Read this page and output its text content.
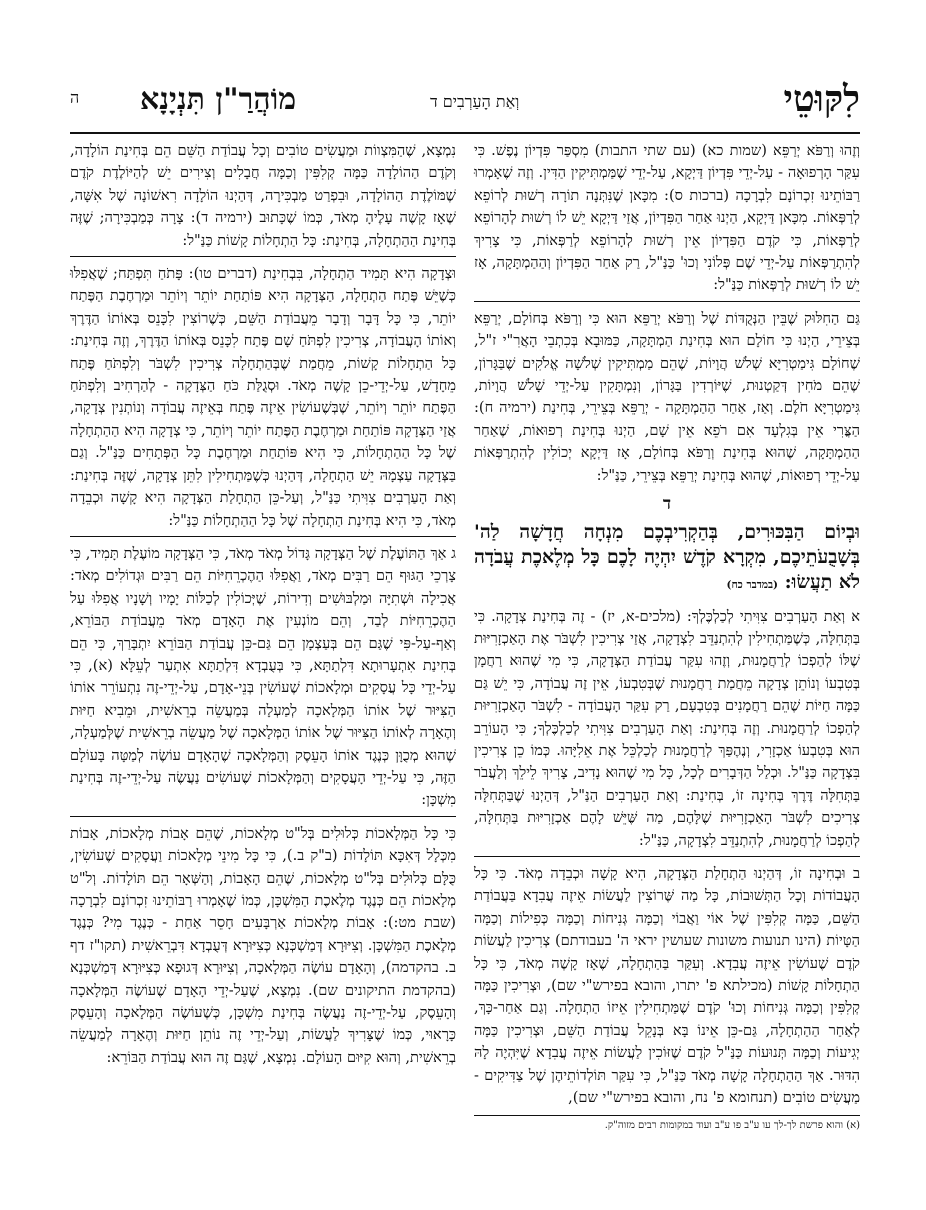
לִקּוּטֵי
וְאַת הָעַרְבִים ד
מוֹהֲרַ"ן תִּנְיָנָא
ה

וְזֶהוּ וְרַפֹּא יְרַפֵּא (שמות כא) (עם שתי התבות) מִסְפַּר פִּדְיוֹן נֶפֶשׁ. כִּי עִקַּר הָרְפוּאָה - עַל-יְדֵי פִּדְיוֹן דַּיְקָא, עַל-יְדֵי שֶׁמַּמְתִּיקִין הַדִּין. וְזֶה שֶׁאָמְרוּ רַבּוֹתֵינוּ זִכְרוֹנָם לִבְרָכָה (ברכות ס): מִכָּאן שֶׁנִּתְּנָה תוֹרָה רְשׁוּת לְרוֹפֵא לְרַפְּאוֹת. מִכָּאן דַּיְקָא, הַיְנוּ אַחַר הַפִּדְיוֹן, אֲזַי דַּיְקָא יֵשׁ לוֹ רְשׁוּת לְהָרוֹפֵא לְרַפְּאוֹת, כִּי קֹדֶם הַפִּדְיוֹן אֵין רְשׁוּת לְהָרוֹפֵא לְרַפְּאוֹת, כִּי צָרִיךְ לְהִתְרַפְּאוֹת עַל-יְדֵי שֶׁם פְּלוֹנִי וְכוּ' כַּנַּ"ל, רַק אַחַר הַפִּדְיוֹן וְהַהַמְתָּקָה, אָז יֵשׁ לוֹ רְשׁוּת לְרַפְּאוֹת כַּנַּ"ל:

גַּם הַחִלּוּק שֶׁבֵּין הַנְּקֻדּוֹת שֶׁל וְרַפֹּא יְרַפֵּא הוּא כִּי וְרַפֹּא בְּחוֹלָם, יְרַפֵּא בְּצֵירֵי, הַיְנוּ כִּי חוֹלָם הוּא בְּחִינַת הַמְתָּקָה, כַּמּוּבָא בְּכִתְבֵי הָאֲרִ"י ז"ל, שֶׁחוֹלָם גִּימַטְרִיָּא שְׁלֹשׁ הֲוָיוֹת, שֶׁהֵם מַמְתִּיקִין שְׁלֹשָׁה אֱלֹקִים שֶׁבַּגָּרוֹן, שֶׁהֵם מֹחִין דְּקַטְנוּת, שֶׁיּוֹרְדִין בַּגָּרוֹן, וְנִמְתָּקִין עַל-יְדֵי שָׁלֹשׁ הֲוָיוֹת, גִּימַטְרִיָּא חֹלֶם. וְאַז, אַחַר הַהַמְתָּקָה - יְרַפֵּא בְּצֵירֵי, בְּחִינַת (ירמיה ח): הַצֳּרִי אֵין בְּגִלְעָד אִם רֹפֵא אֵין שָׁם, הַיְנוּ בְּחִינַת רְפוּאוֹת, שֶׁאַחַר הַהַמְתָּקָה, שֶׁהוּא בְּחִינַת וְרַפֹּא בְּחוֹלָם, אָז דַּיְקָא יְכוֹלִין לְהִתְרַפְּאוֹת עַל-יְדֵי רְפוּאוֹת, שֶׁהוּא בְּחִינַת יְרַפֵּא בְּצֵירֵי, כַּנַּ"ל:

ד
וּבְיוֹם הַבִּכּוּרִים, בְּהַקְרִיבְכֶם מִנְחָה חֲדָשָׁה לַה' בְּשָׁבֻעֹתֵיכֶם, מִקְרָא קֹדֶשׁ יִהְיֶה לָכֶם כָּל מְלֶאכֶת עֲבֹדָה לֹא תַעֲשׂוּ: (במדבר כח)

א וְאַת הָעַרְבִים צִוִּיתִי לְכַלְכֶּלְךָ: (מלכים-א, יז) - זֶה בְּחִינַת צְדָקָה. כִּי בַּתְּחִלָּה, כְּשֶׁמַּתְחִילִין לְהִתְנַדֵּב לִצְדָקָה, אֲזַי צְרִיכִין לִשְׁבֹּר אֶת הָאַכְזָרִיּוּת שֶׁלּוֹ לְהַפְכוֹ לְרַחֲמָנוּת, וְזֶהוּ עִקַּר עֲבוֹדַת הַצְּדָקָה, כִּי מִי שֶׁהוּא רַחֲמָן בְּטִבְעוֹ וְנוֹתֵן צְדָקָה מֵחֲמַת רַחֲמָנוּת שֶׁבְּטִבְעוֹ, אֵין זֶה עֲבוֹדָה, כִּי יֵשׁ גַּם כַּמָּה חַיּוֹת שֶׁהֵם רַחֲמָנִים בְּטִבְעָם, רַק עִקַּר הָעֲבוֹדָה - לִשְׁבֹּר הָאַכְזָרִיּוּת לְהַפְכוֹ לְרַחֲמָנוּת. וְזֶה בְּחִינַת: וְאַת הָעַרְבִים צִוִּיתִי לְכַלְכֶּלְךָ; כִּי הָעוֹרֵב הוּא בְּטִבְעוֹ אַכְזָרִי, וְנֶהֶפַּךְ לְרַחֲמָנוּת לְכַלְכֵּל אֶת אֵלִיָּהוּ. כְּמוֹ כֵן צְרִיכִין בִּצְדָקָה כַּנַּ"ל. וּכְלַל הַדְּבָרִים לְכָל, כָּל מִי שֶׁהוּא נָדִיב, צָרִיךְ לֵילֵךְ וְלַעֲבֹר בַּתְּחִלָּה דֶּרֶךְ בְּחִינָה זוֹ, בְּחִינַת: וְאַת הָעַרְבִים הַנַּ"ל, דְּהַיְנוּ שֶׁבַּתְּחִלָּה צְרִיכִים לִשְׁבֹּר הָאַכְזָרִיּוּת שֶׁלָּהֶם, מַה שֶּׁיֵּשׁ לָהֶם אַכְזָרִיּוּת בַּתְּחִלָּה, לְהַפְכוֹ לְרַחֲמָנוּת, לְהִתְנַדֵּב לִצְדָקָה, כַּנַּ"ל:

ב וּבְחִינָה זוֹ, דְּהַיְנוּ הַתְחָלַת הַצְּדָקָה, הִיא קָשָׁה וּכְבֵדָה מְאֹד. כִּי כָּל הָעֲבוֹדוֹת וְכָל הַתְּשׁוּבוֹת, כָּל מַה שֶּׁרוֹצִין לַעֲשׂוֹת אֵיזֶה עֲבִדָא בַּעֲבוֹדַת הַשֵּׁם, כַּמָּה קְלִפִּין שֶׁל אוֹי וַאֲבוֹי וְכַמָּה גְּנִיחוֹת וְכַמָּה כְּפִילוֹת וְכַמָּה הַטָּיוֹת (הינו תנועות משונות שעושין יראי ה' בעבודתם) צְרִיכִין לַעֲשׂוֹת קֹדֶם שֶׁעוֹשִׂין אֵיזֶה עֲבִדָא. וְעִקַּר בַּהַתְחָלָה, שֶׁאָז קָשֶׁה מְאֹד, כִּי כָּל הַתְחָלוֹת קָשׁוֹת (מכילתא פ' יתרו, והובא בפירש"י שם), וּצְרִיכִין כַּמָּה קְלִפִּין וְכַמָּה גְּנִיחוֹת וְכוּ' קֹדֶם שֶׁמַּתְחִילִין אֵיזוֹ הַתְחָלָה. וְגַם אַחַר-כָּךְ, לְאַחַר הַהַתְחָלָה, גַּם-כֵּן אֵינוֹ בָּא בְּנָקֵל עֲבוֹדַת הַשֵּׁם, וּצְרִיכִין כַּמָּה יְגִיעוֹת וְכַמָּה תְּנוּעוֹת כַּנַּ"ל קֹדֶם שֶׁזּוֹכִין לַעֲשׂוֹת אֵיזֶה עֲבִדָא שֶׁיִּהְיֶה לָהּ הִדּוּר. אַךְ הַהַתְחָלָה קָשָׁה מְאֹד כַּנַּ"ל, כִּי עִקַּר תּוֹלְדוֹתֵיהֶן שֶׁל צַדִּיקִים - מַעֲשִׂים טוֹבִים (תנחומא פ' נח, והובא בפירש"י שם),

(א) והוא פרשת לך-לך עו ע"ב פו ע"ב ועוד במקומות רבים מזוה"ק.

נִמְצָא, שֶׁהַמִּצְווֹת וּמַעֲשִׂים טוֹבִים וְכָל עֲבוֹדַת הַשֵּׁם הֵם בְּחִינַת הוֹלָדָה, וְקֹדֶם הַהוֹלָדָה כַּמָּה קְלִפִּין וְכַמָּה חֲבָלִים וְצִירִים יֵשׁ לְהַיּוֹלֶדֶת קֹדֶם שֶׁמּוֹלֶדֶת הַהוֹלָדָה, וּבִפְרַט מַבְכִּירָה, דְּהַיְנוּ הוֹלָדָה רִאשׁוֹנָה שֶׁל אִשָּׁה, שֶׁאָז קָשֶׁה עָלֶיהָ מְאֹד, כְּמוֹ שֶׁכָּתוּב (ירמיה ד): צָרָה כְּמַבְכִּירָה; שֶׁזֶּה בְּחִינַת הַהַתְחָלָה, בְּחִינַת: כָּל הַתְחָלוֹת קָשׁוֹת כַּנַּ"ל:

וּצְדָקָה הִיא תָּמִיד הַתְחָלָה, בִּבְחִינַת (דברים טו): פָּתֹחַ תִּפְתַּח; שֶׁאֲפִלּוּ כְּשֶׁיֵּשׁ פֶּתַח הַתְחָלָה, הַצְּדָקָה הִיא פּוֹתַחַת יוֹתֵר וְיוֹתֵר וּמַרְחֶבֶת הַפֶּתַח יוֹתֵר, כִּי כָּל דָּבָר וְדָבָר מֵעֲבוֹדַת הַשֵּׁם, כְּשֶׁרוֹצִין לִכָּנֵס בְּאוֹתוֹ הַדֶּרֶךְ וְאוֹתוֹ הָעֲבוֹדָה, צְרִיכִין לִפְתֹּחַ שָׁם פֶּתַח לִכָּנֵס בְּאוֹתוֹ הַדֶּרֶךְ, וְזֶה בְּחִינַת: כָּל הַתְחָלוֹת קָשׁוֹת, מֵחֲמַת שֶׁבְּהַתְחָלָה צְרִיכִין לִשְׁבֹּר וְלִפְתֹּחַ פֶּתַח מֵחָדָשׁ, עַל-יְדֵי-כֵן קָשֶׁה מְאֹד. וּסְגֻלַּת כֹּחַ הַצְּדָקָה - לְהַרְחִיב וְלִפְתֹּחַ הַפֶּתַח יוֹתֵר וְיוֹתֵר, שֶׁבְּשֶׁעוֹשִׂין אֵיזֶה פֶּתַח בְּאֵיזֶה עֲבוֹדָה וְנוֹתְנִין צְדָקָה, אֲזַי הַצְּדָקָה פּוֹתַחַת וּמַרְחֶבֶת הַפֶּתַח יוֹתֵר וְיוֹתֵר, כִּי צְדָקָה הִיא הַהַתְחָלָה שֶׁל כָּל הַהַתְחָלוֹת, כִּי הִיא פּוֹתַחַת וּמַרְחֶבֶת כָּל הַפְּתָחִים כַּנַּ"ל. וְגַם בַּצְּדָקָה עַצְמָהּ יֵשׁ הַתְחָלָה, דְּהַיְנוּ כְּשֶׁמַּתְחִילִין לִתֵּן צְדָקָה, שֶׁזֶּה בְּחִינַת: וְאַת הָעַרְבִים צִוִּיתִי כַּנַּ"ל, וְעַל-כֵּן הַתְחָלַת הַצְּדָקָה הִיא קָשָׁה וּכְבֵדָה מְאֹד, כִּי הִיא בְּחִינַת הַתְחָלָה שֶׁל כָּל הַהַתְחָלוֹת כַּנַּ"ל:

ג אַךְ הַתּוֹעֶלֶת שֶׁל הַצְּדָקָה גָּדוֹל מְאֹד מְאֹד, כִּי הַצְּדָקָה מוֹעֶלֶת תָּמִיד, כִּי צָרְכֵי הַגּוּף הֵם רַבִּים מְאֹד, וַאֲפִלּוּ הַהֶכְרֵחִיּוֹת הֵם רַבִּים וּגְדוֹלִים מְאֹד: אֲכִילָה וּשְׁתִיָּה וּמַלְבּוּשִׁים וְדִירוֹת, שֶׁיְּכוֹלִין לְכַלּוֹת יָמָיו וְשָׁנָיו אֲפִלּוּ עַל הַהֶכְרֵחִיּוֹת לְבַד, וְהֵם מוֹנְעִין אֶת הָאָדָם מְאֹד מֵעֲבוֹדַת הַבּוֹרֵא, וְאַף-עַל-פִּי שֶׁגַּם הֵם בְּעַצְמָן הֵם גַּם-כֵּן עֲבוֹדַת הַבּוֹרֵא יִתְבָּרַךְ, כִּי הֵם בְּחִינַת אִתְעָרוּתָא דִּלְתַתָּא, כִּי בְּעֻבְדָא דִּלְתַתָּא אִתְעַר לְעֵלָּא (א), כִּי עַל-יְדֵי כָּל עֲסָקִים וּמְלָאכוֹת שֶׁעוֹשִׂין בְּנֵי-אָדָם, עַל-יְדֵי-זֶה נִתְעוֹרֵר אוֹתוֹ הַצִּיּוּר שֶׁל אוֹתוֹ הַמְּלָאכָה לְמַעְלָה בְּמַעֲשֵׂה בְרֵאשִׁית, וּמֵבִיא חַיּוּת וְהֶאָרָה לְאוֹתוֹ הַצִּיּוּר שֶׁל אוֹתוֹ הַמְּלָאכָה שֶׁל מַעֲשֵׂה בְרֵאשִׁית שֶׁלְּמַעְלָה, שֶׁהוּא מְכֻוָּן כְּנֶגֶד אוֹתוֹ הָעֵסֶק וְהַמְּלָאכָה שֶׁהָאָדָם עוֹשֶׂה לְמַטָּה בָּעוֹלָם הַזֶּה, כִּי עַל-יְדֵי הָעֲסָקִים וְהַמְּלָאכוֹת שֶׁעוֹשִׂים נַעֲשֶׂה עַל-יְדֵי-זֶה בְּחִינַת מִשְׁכָּן:

כִּי כָּל הַמְּלָאכוֹת כְּלוּלִים בְּל"ט מְלָאכוֹת, שֶׁהֵם אָבוֹת מְלָאכוֹת, אָבוֹת מִכְּלָל דְּאִכָּא תּוֹלָדוֹת (ב"ק ב.), כִּי כָּל מִינֵי מְלָאכוֹת וַעֲסָקִים שֶׁעוֹשִׂין, כֻּלָּם כְּלוּלִים בְּל"ט מְלָאכוֹת, שֶׁהֵם הָאָבוֹת, וְהַשְּׁאָר הֵם תּוֹלָדוֹת. וְל"ט מְלָאכוֹת הֵם כְּנֶגֶד מְלֶאכֶת הַמִּשְׁכָּן, כְּמוֹ שֶׁאָמְרוּ רַבּוֹתֵינוּ זִכְרוֹנָם לִבְרָכָה (שבת מט:): אָבוֹת מְלָאכוֹת אַרְבָּעִים חָסֵר אַחַת - כְּנֶגֶד מִי? כְּנֶגֶד מְלֶאכֶת הַמִּשְׁכָּן. וְצִיּוּרָא דְּמַשְׁכְּנָא כְּצִיּוּרָא דְּעֻבְדָא דִּבְרֵאשִׁית (תקו"ז דף ב. בהקדמה), וְהָאָדָם עוֹשֶׂה הַמְּלָאכָה, וְצִיּוּרָא דְּגוּפָא כְּצִיּוּרָא דְּמַשְׁכְּנָא (בהקדמת התיקונים שם). נִמְצָא, שֶׁעַל-יְדֵי הָאָדָם שֶׁעוֹשֶׂה הַמְּלָאכָה וְהָעֵסֶק, עַל-יְדֵי-זֶה נַעֲשֶׂה בְּחִינַת מִשְׁכָּן, כְּשֶׁעוֹשֶׂה הַמְּלָאכָה וְהָעֵסֶק כָּרָאוּי, כְּמוֹ שֶׁצָּרִיךְ לַעֲשׂוֹת, וְעַל-יְדֵי זֶה נוֹתֵן חַיּוּת וְהֶאָרָה לְמַעֲשֵׂה בְרֵאשִׁית, וְהוּא קִיּוּם הָעוֹלָם. נִמְצָא, שֶׁגַּם זֶה הוּא עֲבוֹדַת הַבּוֹרֵא:
